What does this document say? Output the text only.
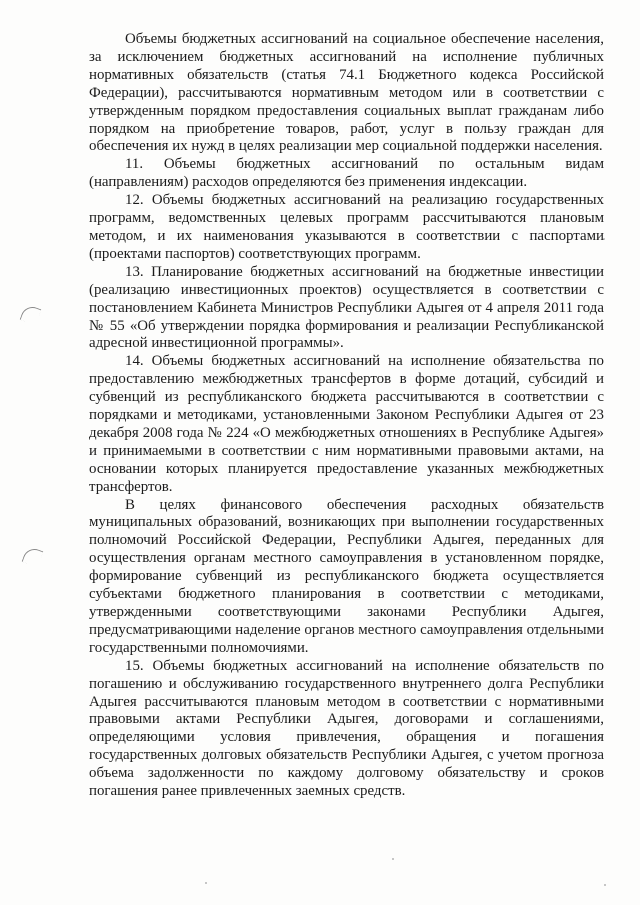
Объемы бюджетных ассигнований на социальное обеспечение населения, за исключением бюджетных ассигнований на исполнение публичных нормативных обязательств (статья 74.1 Бюджетного кодекса Российской Федерации), рассчитываются нормативным методом или в соответствии с утвержденным порядком предоставления социальных выплат гражданам либо порядком на приобретение товаров, работ, услуг в пользу граждан для обеспечения их нужд в целях реализации мер социальной поддержки населения.

11. Объемы бюджетных ассигнований по остальным видам (направлениям) расходов определяются без применения индексации.

12. Объемы бюджетных ассигнований на реализацию государственных программ, ведомственных целевых программ рассчитываются плановым методом, и их наименования указываются в соответствии с паспортами (проектами паспортов) соответствующих программ.

13. Планирование бюджетных ассигнований на бюджетные инвестиции (реализацию инвестиционных проектов) осуществляется в соответствии с постановлением Кабинета Министров Республики Адыгея от 4 апреля 2011 года № 55 «Об утверждении порядка формирования и реализации Республиканской адресной инвестиционной программы».

14. Объемы бюджетных ассигнований на исполнение обязательства по предоставлению межбюджетных трансфертов в форме дотаций, субсидий и субвенций из республиканского бюджета рассчитываются в соответствии с порядками и методиками, установленными Законом Республики Адыгея от 23 декабря 2008 года № 224 «О межбюджетных отношениях в Республике Адыгея» и принимаемыми в соответствии с ним нормативными правовыми актами, на основании которых планируется предоставление указанных межбюджетных трансфертов.

В целях финансового обеспечения расходных обязательств муниципальных образований, возникающих при выполнении государственных полномочий Российской Федерации, Республики Адыгея, переданных для осуществления органам местного самоуправления в установленном порядке, формирование субвенций из республиканского бюджета осуществляется субъектами бюджетного планирования в соответствии с методиками, утвержденными соответствующими законами Республики Адыгея, предусматривающими наделение органов местного самоуправления отдельными государственными полномочиями.

15. Объемы бюджетных ассигнований на исполнение обязательств по погашению и обслуживанию государственного внутреннего долга Республики Адыгея рассчитываются плановым методом в соответствии с нормативными правовыми актами Республики Адыгея, договорами и соглашениями, определяющими условия привлечения, обращения и погашения государственных долговых обязательств Республики Адыгея, с учетом прогноза объема задолженности по каждому долговому обязательству и сроков погашения ранее привлеченных заемных средств.
